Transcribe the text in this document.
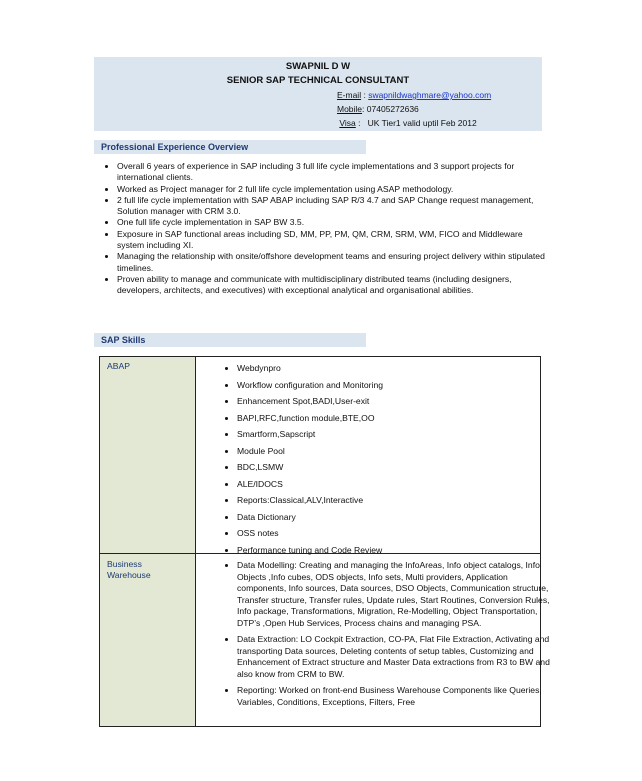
SWAPNIL D W
SENIOR SAP TECHNICAL CONSULTANT
E-mail : swapnildwaghmare@yahoo.com
Mobile: 07405272636
Visa :   UK Tier1 valid uptil Feb 2012
Professional Experience Overview
• Overall 6 years of experience in SAP including 3 full life cycle implementations and 3 support projects for international clients.
• Worked as Project manager for 2 full life cycle implementation using ASAP methodology.
• 2 full life cycle implementation with SAP ABAP including SAP R/3 4.7 and SAP Change request management, Solution manager with CRM 3.0.
• One full life cycle implementation in SAP BW 3.5.
• Exposure in SAP functional areas including SD, MM, PP, PM, QM, CRM, SRM, WM, FICO and Middleware system including XI.
• Managing the relationship with onsite/offshore development teams and ensuring project delivery within stipulated timelines.
• Proven ability to manage and communicate with multidisciplinary distributed teams (including designers, developers, architects, and executives) with exceptional analytical and organisational abilities.
SAP Skills
ABAP
Business
Warehouse
• Webdynpro
• Workflow configuration and Monitoring
• Enhancement Spot,BADI,User-exit
• BAPI,RFC,function module,BTE,OO
• Smartform,Sapscript
• Module Pool
• BDC,LSMW
• ALE/IDOCS
• Reports:Classical,ALV,Interactive
• Data Dictionary
• OSS notes
• Performance tuning and Code Review
• Data Modelling: Creating and managing the InfoAreas, Info object catalogs, Info Objects ,Info cubes, ODS objects, Info sets, Multi providers, Application components, Info sources, Data sources, DSO Objects, Communication structure, Transfer structure, Transfer rules, Update rules, Start Routines, Conversion Rules, Info package, Transformations, Migration, Re-Modelling, Object Transportation, DTP’s ,Open Hub Services, Process chains and managing PSA.
• Data Extraction: LO Cockpit Extraction, CO-PA, Flat File Extraction, Activating and transporting Data sources, Deleting contents of setup tables, Customizing and Enhancement of Extract structure and Master Data extractions from R3 to BW and also know from CRM to BW.
• Reporting: Worked on front-end Business Warehouse Components like Queries, Variables, Conditions, Exceptions, Filters, Free
